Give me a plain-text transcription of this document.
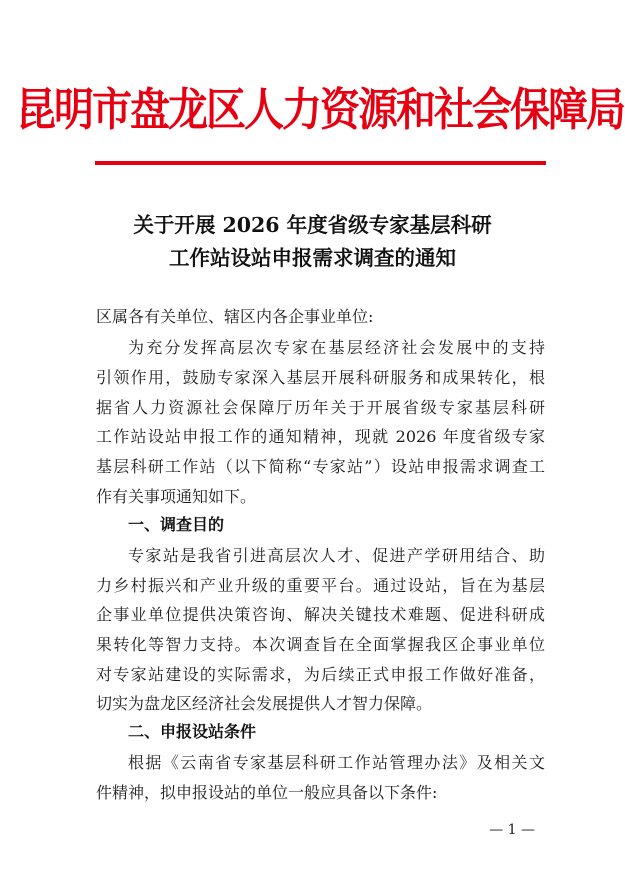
昆明市盘龙区人力资源和社会保障局
关于开展 2026 年度省级专家基层科研
工作站设站申报需求调查的通知
区属各有关单位、辖区内各企事业单位:
为充分发挥高层次专家在基层经济社会发展中的支持
引领作用，鼓励专家深入基层开展科研服务和成果转化，根
据省人力资源社会保障厅历年关于开展省级专家基层科研
工作站设站申报工作的通知精神，现就 2026 年度省级专家
基层科研工作站（以下简称“专家站”）设站申报需求调查工
作有关事项通知如下。
一、调查目的
专家站是我省引进高层次人才、促进产学研用结合、助
力乡村振兴和产业升级的重要平台。通过设站，旨在为基层
企事业单位提供决策咨询、解决关键技术难题、促进科研成
果转化等智力支持。本次调查旨在全面掌握我区企事业单位
对专家站建设的实际需求，为后续正式申报工作做好准备，
切实为盘龙区经济社会发展提供人才智力保障。
二、申报设站条件
根据《云南省专家基层科研工作站管理办法》及相关文
件精神，拟申报设站的单位一般应具备以下条件:
— 1 —
